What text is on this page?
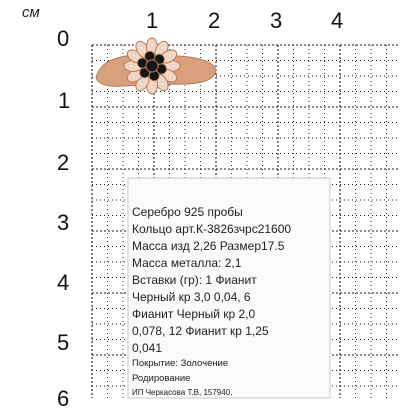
см	1 2 3 4
0
1
2
3
4
5
6
Серебро 925 пробы
Кольцо арт.К-3826зчрс21600
Масса изд 2,26 Размер17.5
Масса металла: 2,1
Вставки (гр): 1 Фианит
Черный кр 3,0 0,04, 6
Фианит Черный кр 2,0
0,078, 12 Фианит кр 1,25
0,041
Покрытие: Золочение
Родирование
ИП Черкасова Т.В, 157940,
